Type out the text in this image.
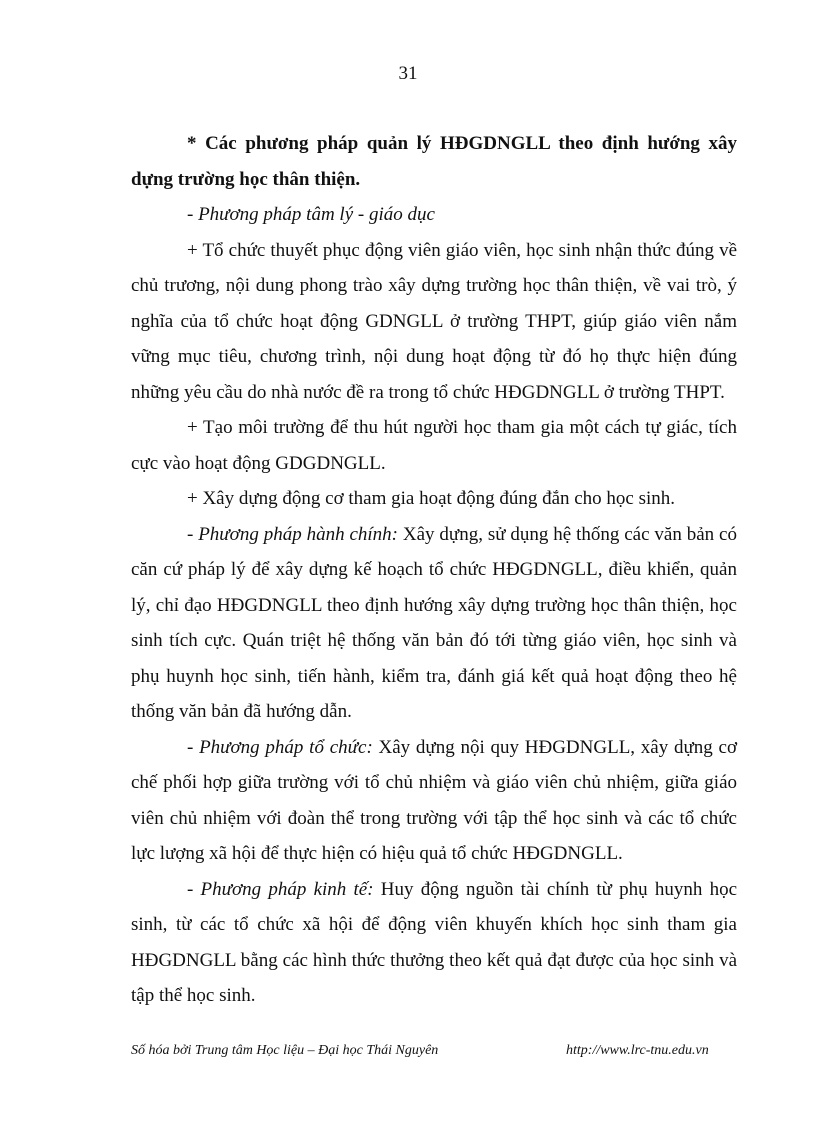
31

* Các phương pháp quản lý HĐGDNGLL theo định hướng xây dựng trường học thân thiện.

- Phương pháp tâm lý - giáo dục

+ Tổ chức thuyết phục động viên giáo viên, học sinh nhận thức đúng về chủ trương, nội dung phong trào xây dựng trường học thân thiện, về vai trò, ý nghĩa của tổ chức hoạt động GDNGLL ở trường THPT, giúp giáo viên nắm vững mục tiêu, chương trình, nội dung hoạt động từ đó họ thực hiện đúng những yêu cầu do nhà nước đề ra trong tổ chức HĐGDNGLL ở trường THPT.

+ Tạo môi trường để thu hút người học tham gia một cách tự giác, tích cực vào hoạt động GDGDNGLL.

+ Xây dựng động cơ tham gia hoạt động đúng đắn cho học sinh.

- Phương pháp hành chính: Xây dựng, sử dụng hệ thống các văn bản có căn cứ pháp lý để xây dựng kế hoạch tổ chức HĐGDNGLL, điều khiển, quản lý, chỉ đạo HĐGDNGLL theo định hướng xây dựng trường học thân thiện, học sinh tích cực. Quán triệt hệ thống văn bản đó tới từng giáo viên, học sinh và phụ huynh học sinh, tiến hành, kiểm tra, đánh giá kết quả hoạt động theo hệ thống văn bản đã hướng dẫn.

- Phương pháp tổ chức: Xây dựng nội quy HĐGDNGLL, xây dựng cơ chế phối hợp giữa trường với tổ chủ nhiệm và giáo viên chủ nhiệm, giữa giáo viên chủ nhiệm với đoàn thể trong trường với tập thể học sinh và các tổ chức lực lượng xã hội để thực hiện có hiệu quả tổ chức HĐGDNGLL.

- Phương pháp kinh tế: Huy động nguồn tài chính từ phụ huynh học sinh, từ các tổ chức xã hội để động viên khuyến khích học sinh tham gia HĐGDNGLL bằng các hình thức thưởng theo kết quả đạt được của học sinh và tập thể học sinh.

Số hóa bởi Trung tâm Học liệu – Đại học Thái Nguyên	http://www.lrc-tnu.edu.vn
